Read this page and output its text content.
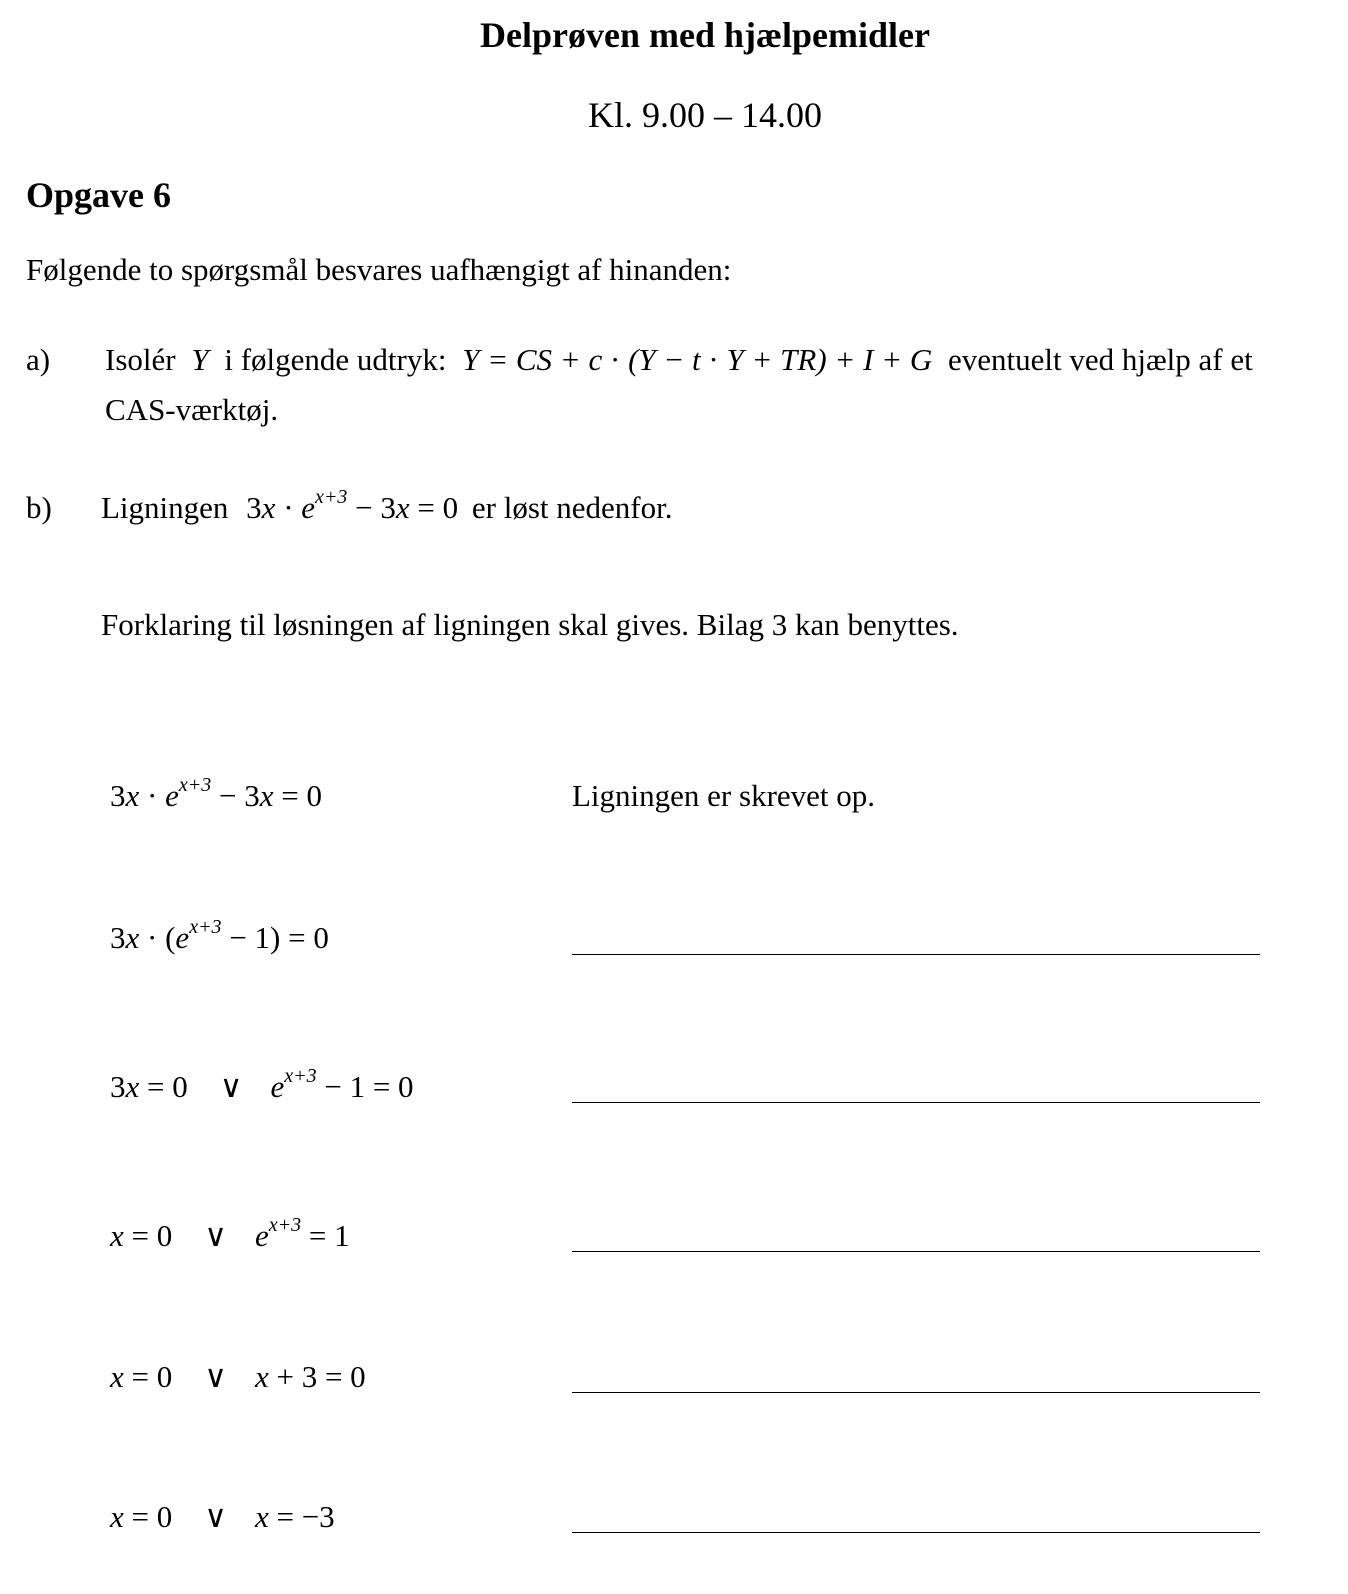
Delprøven med hjælpemidler
Kl. 9.00 – 14.00
Opgave 6
Følgende to spørgsmål besvares uafhængigt af hinanden:
a) Isolér Y i følgende udtryk: Y = CS + c · (Y − t · Y + TR) + I + G eventuelt ved hjælp af et
CAS-værktøj.
b) Ligningen $3x \cdot e^{x+3} - 3x = 0$ er løst nedenfor.
Forklaring til løsningen af ligningen skal gives. Bilag 3 kan benyttes.
$3x \cdot e^{x+3} - 3x = 0$	Ligningen er skrevet op.
$3x \cdot (e^{x+3} - 1) = 0$
3x = 0 ∨ $e^{x+3} - 1 = 0$
x = 0 ∨ $e^{x+3} = 1$
x = 0 ∨ x + 3 = 0
x = 0 ∨ x = −3
